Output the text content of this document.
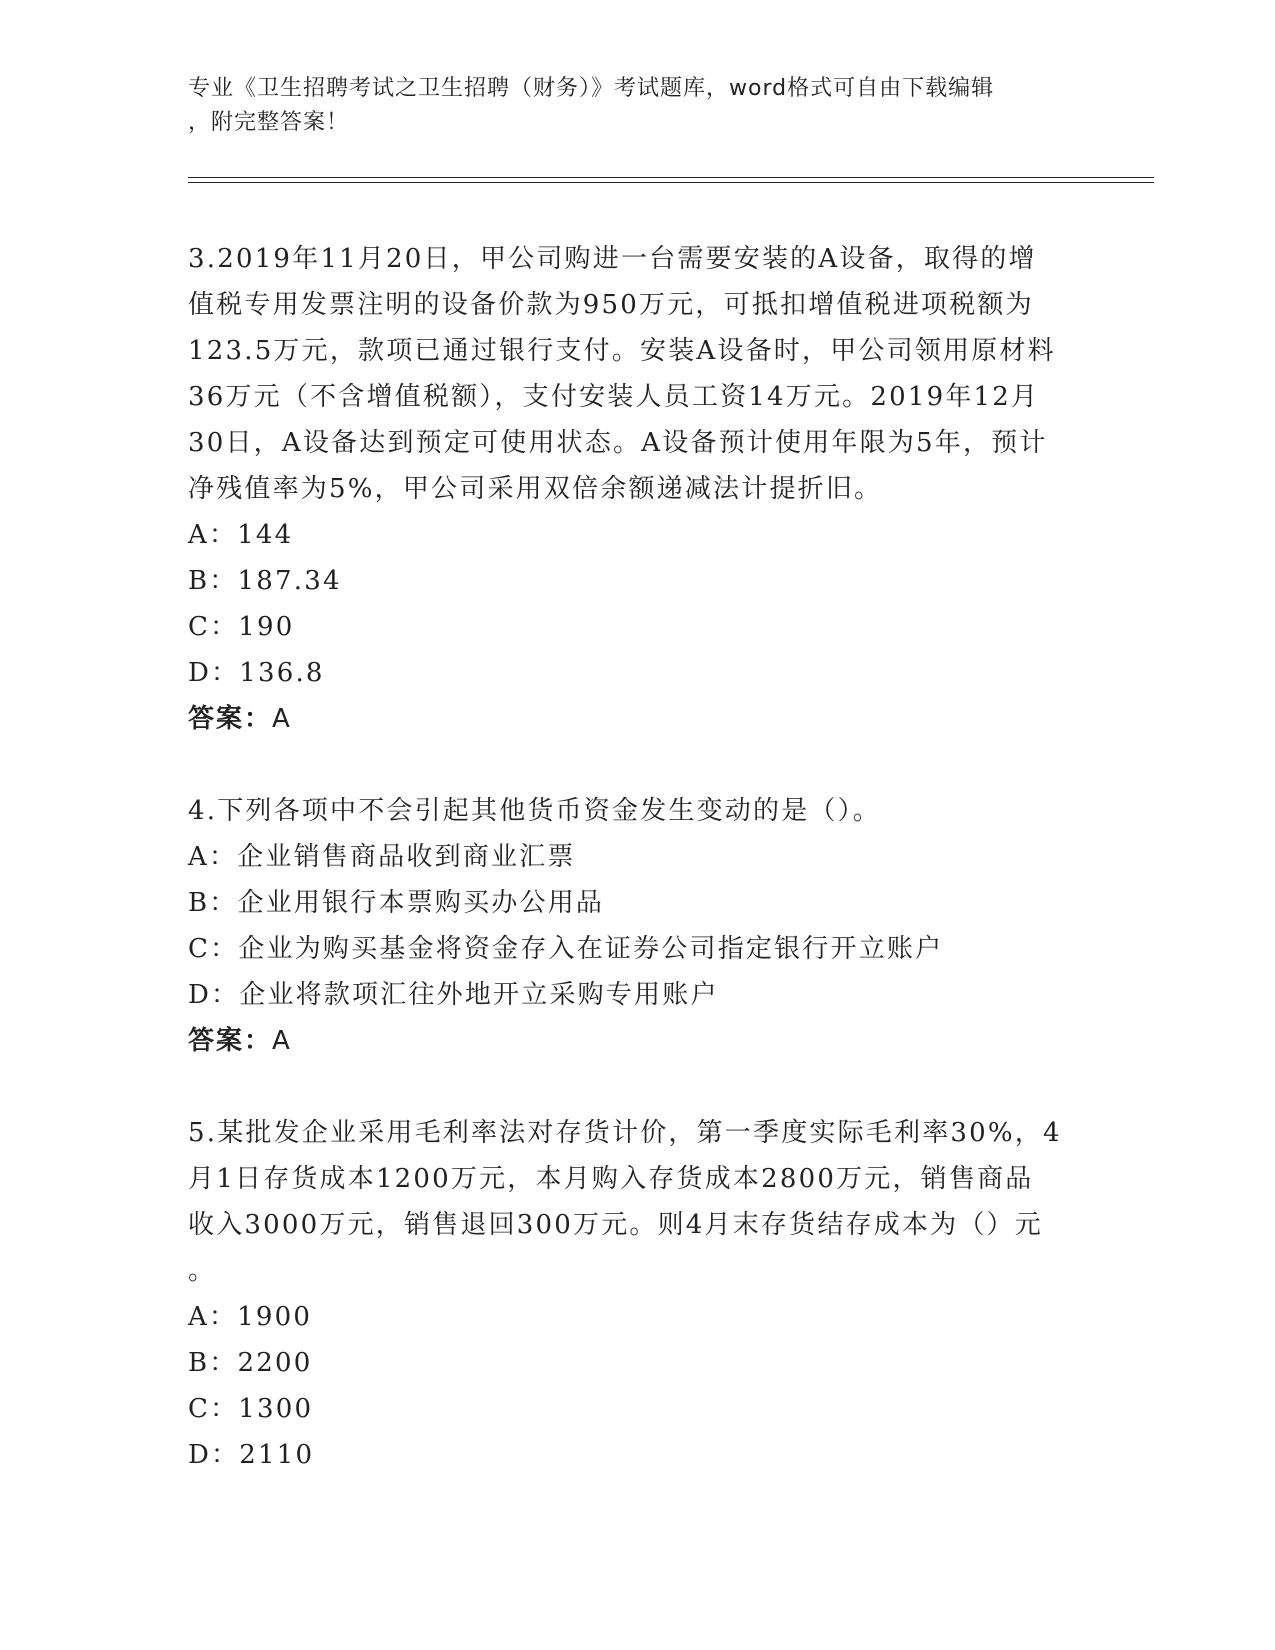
专业《卫生招聘考试之卫生招聘（财务）》考试题库，word格式可自由下载编辑
，附完整答案！
3.2019年11月20日，甲公司购进一台需要安装的A设备，取得的增
值税专用发票注明的设备价款为950万元，可抵扣增值税进项税额为
123.5万元，款项已通过银行支付。安装A设备时，甲公司领用原材料
36万元（不含增值税额），支付安装人员工资14万元。2019年12月
30日，A设备达到预定可使用状态。A设备预计使用年限为5年，预计
净残值率为5%，甲公司采用双倍余额递减法计提折旧。
A：144
B：187.34
C：190
D：136.8
答案：A
4.下列各项中不会引起其他货币资金发生变动的是（）。
A：企业销售商品收到商业汇票
B：企业用银行本票购买办公用品
C：企业为购买基金将资金存入在证券公司指定银行开立账户
D：企业将款项汇往外地开立采购专用账户
答案：A
5.某批发企业采用毛利率法对存货计价，第一季度实际毛利率30%，4
月1日存货成本1200万元，本月购入存货成本2800万元，销售商品
收入3000万元，销售退回300万元。则4月末存货结存成本为（）元
。
A：1900
B：2200
C：1300
D：2110
